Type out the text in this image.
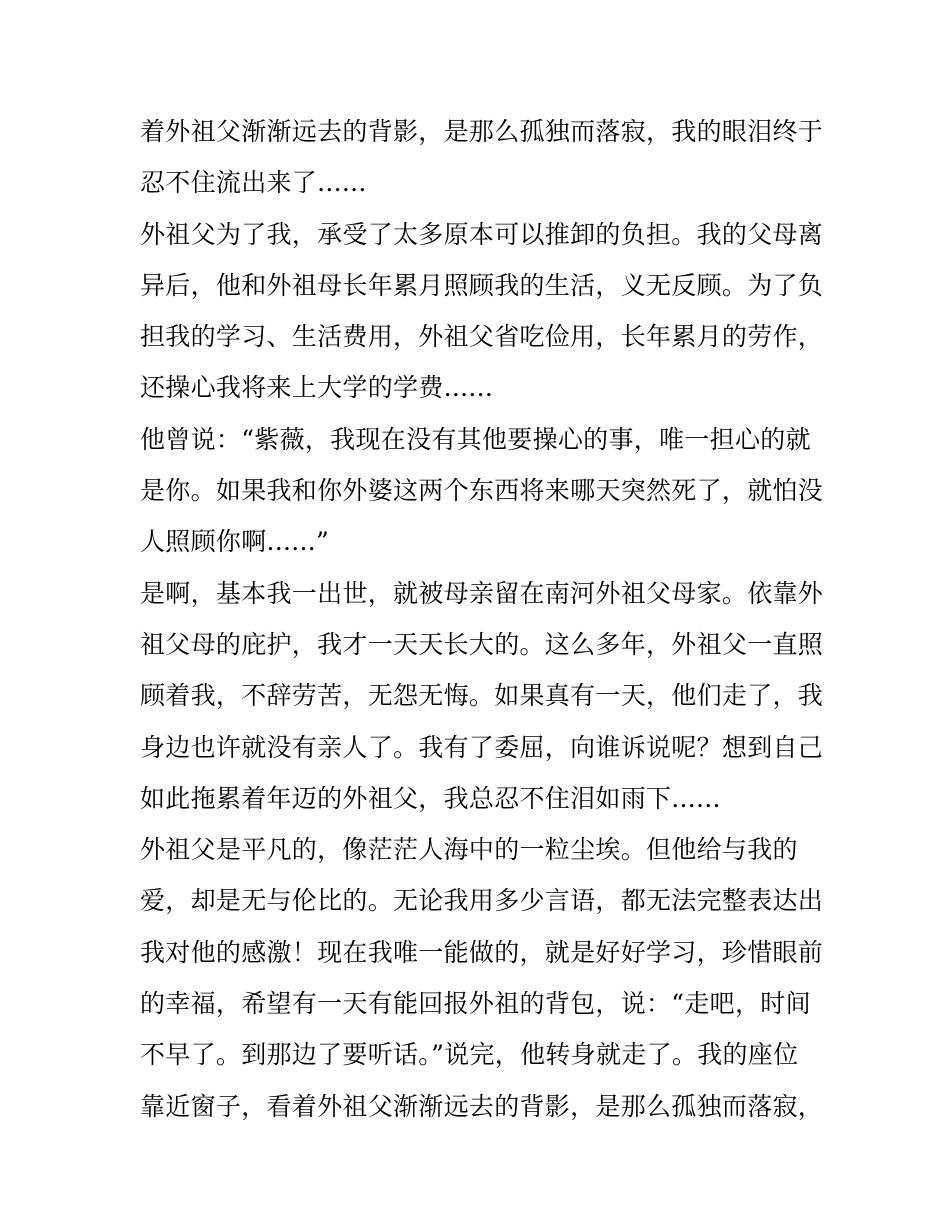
着外祖父渐渐远去的背影，是那么孤独而落寂，我的眼泪终于
忍不住流出来了......
外祖父为了我，承受了太多原本可以推卸的负担。我的父母离
异后，他和外祖母长年累月照顾我的生活，义无反顾。为了负
担我的学习、生活费用，外祖父省吃俭用，长年累月的劳作，
还操心我将来上大学的学费......
他曾说：“紫薇，我现在没有其他要操心的事，唯一担心的就
是你。如果我和你外婆这两个东西将来哪天突然死了，就怕没
人照顾你啊......”
是啊，基本我一出世，就被母亲留在南河外祖父母家。依靠外
祖父母的庇护，我才一天天长大的。这么多年，外祖父一直照
顾着我，不辞劳苦，无怨无悔。如果真有一天，他们走了，我
身边也许就没有亲人了。我有了委屈，向谁诉说呢？想到自己
如此拖累着年迈的外祖父，我总忍不住泪如雨下......
外祖父是平凡的，像茫茫人海中的一粒尘埃。但他给与我的
爱，却是无与伦比的。无论我用多少言语，都无法完整表达出
我对他的感激！现在我唯一能做的，就是好好学习，珍惜眼前
的幸福，希望有一天有能回报外祖的背包，说：“走吧，时间
不早了。到那边了要听话。”说完，他转身就走了。我的座位
靠近窗子，看着外祖父渐渐远去的背影，是那么孤独而落寂，
